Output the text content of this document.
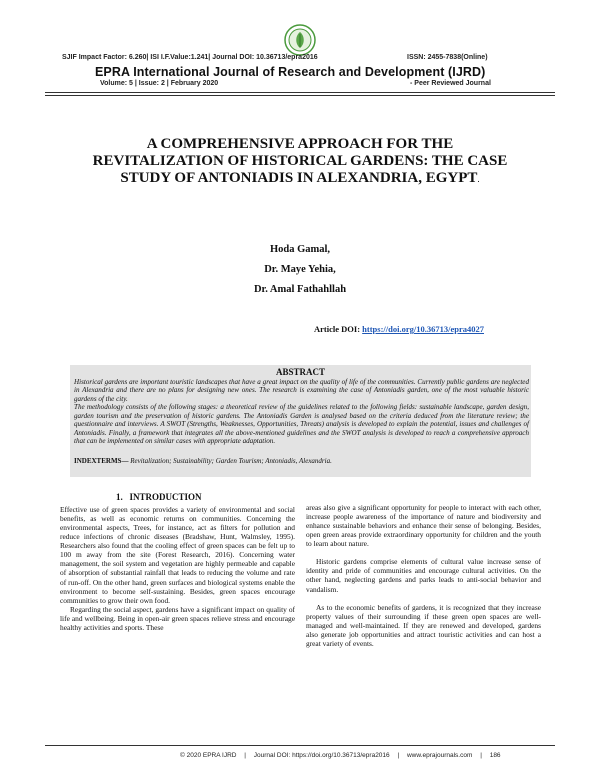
SJIF Impact Factor: 6.260| ISI I.F.Value:1.241| Journal DOI: 10.36713/epra2016	ISSN: 2455-7838(Online)
EPRA International Journal of Research and Development (IJRD)
Volume: 5 | Issue: 2 | February 2020	- Peer Reviewed Journal
A COMPREHENSIVE APPROACH FOR THE REVITALIZATION OF HISTORICAL GARDENS: THE CASE STUDY OF ANTONIADIS IN ALEXANDRIA, EGYPT.
Hoda Gamal,
Dr. Maye Yehia,
Dr. Amal Fathahllah
Article DOI: https://doi.org/10.36713/epra4027
ABSTRACT

Historical gardens are important touristic landscapes that have a great impact on the quality of life of the communities. Currently public gardens are neglected in Alexandria and there are no plans for designing new ones. The research is examining the case of Antoniadis garden, one of the most valuable historic gardens of the city.

The methodology consists of the following stages: a theoretical review of the guidelines related to the following fields: sustainable landscape, garden design, garden tourism and the preservation of historic gardens. The Antoniadis Garden is analysed based on the criteria deduced from the literature review; the questionnaire and interviews. A SWOT (Strengths, Weaknesses, Opportunities, Threats) analysis is developed to explain the potential, issues and challenges of Antoniadis. Finally, a framework that integrates all the above-mentioned guidelines and the SWOT analysis is developed to reach a comprehensive approach that can be implemented on similar cases with appropriate adaptation.

INDEXTERMS— Revitalization; Sustainability; Garden Tourism; Antoniadis, Alexandria.
1. INTRODUCTION

Effective use of green spaces provides a variety of environmental and social benefits, as well as economic returns on communities. Concerning the environmental aspects, Trees, for instance, act as filters for pollution and reduce infections of chronic diseases (Bradshaw, Hunt, Walmsley, 1995). Researchers also found that the cooling effect of green spaces can be felt up to 100 m away from the site (Forest Research, 2016). Concerning water management, the soil system and vegetation are highly permeable and capable of absorption of substantial rainfall that leads to reducing the volume and rate of run-off. On the other hand, green surfaces and biological systems enable the environment to become self-sustaining. Besides, green spaces encourage communities to grow their own food.

Regarding the social aspect, gardens have a significant impact on quality of life and wellbeing. Being in open-air green spaces relieve stress and encourage healthy activities and sports. These

areas also give a significant opportunity for people to interact with each other, increase people awareness of the importance of nature and biodiversity and enhance sustainable behaviors and enhance their sense of belonging. Besides, open green areas provide extraordinary opportunity for children and the youth to learn about nature.

Historic gardens comprise elements of cultural value increase sense of identity and pride of communities and encourage cultural activities. On the other hand, neglecting gardens and parks leads to anti-social behavior and vandalism.

As to the economic benefits of gardens, it is recognized that they increase property values of their surrounding if these green open spaces are well-managed and well-maintained. If they are renewed and developed, gardens also generate job opportunities and attract touristic activities and can host a great variety of events.

© 2020 EPRA IJRD | Journal DOI: https://doi.org/10.36713/epra2016 | www.eprajournals.com | 186
